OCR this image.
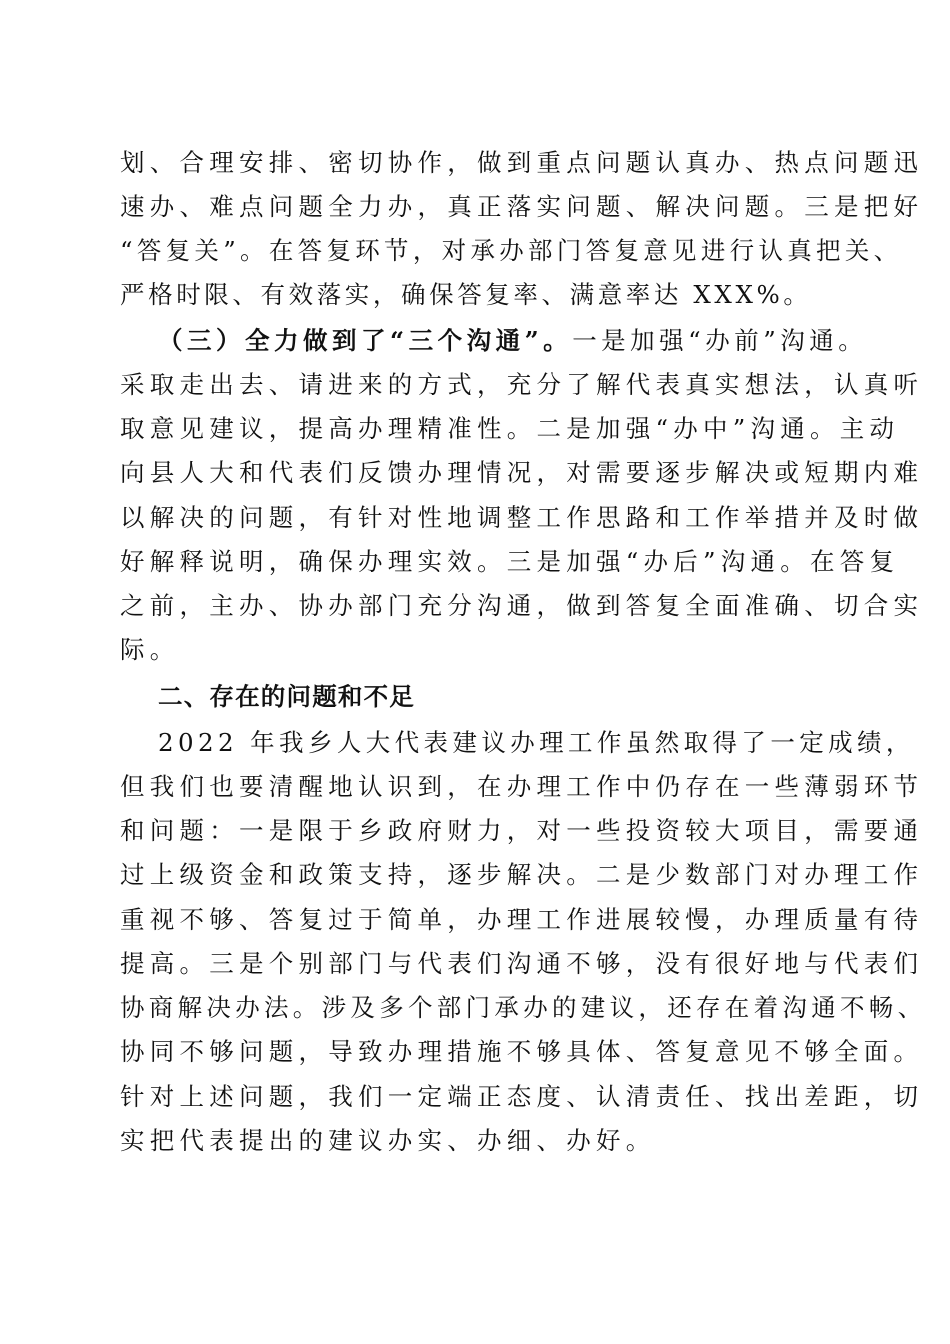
划、合理安排、密切协作，做到重点问题认真办、热点问题迅
速办、难点问题全力办，真正落实问题、解决问题。三是把好
“答复关”。在答复环节，对承办部门答复意见进行认真把关、
严格时限、有效落实，确保答复率、满意率达 XXX%。
（三）全力做到了“三个沟通”。一是加强“办前”沟通。
采取走出去、请进来的方式，充分了解代表真实想法，认真听
取意见建议，提高办理精准性。二是加强“办中”沟通。主动
向县人大和代表们反馈办理情况，对需要逐步解决或短期内难
以解决的问题，有针对性地调整工作思路和工作举措并及时做
好解释说明，确保办理实效。三是加强“办后”沟通。在答复
之前，主办、协办部门充分沟通，做到答复全面准确、切合实
际。
二、存在的问题和不足
2022 年我乡人大代表建议办理工作虽然取得了一定成绩，
但我们也要清醒地认识到，在办理工作中仍存在一些薄弱环节
和问题：一是限于乡政府财力，对一些投资较大项目，需要通
过上级资金和政策支持，逐步解决。二是少数部门对办理工作
重视不够、答复过于简单，办理工作进展较慢，办理质量有待
提高。三是个别部门与代表们沟通不够，没有很好地与代表们
协商解决办法。涉及多个部门承办的建议，还存在着沟通不畅、
协同不够问题，导致办理措施不够具体、答复意见不够全面。
针对上述问题，我们一定端正态度、认清责任、找出差距，切
实把代表提出的建议办实、办细、办好。
